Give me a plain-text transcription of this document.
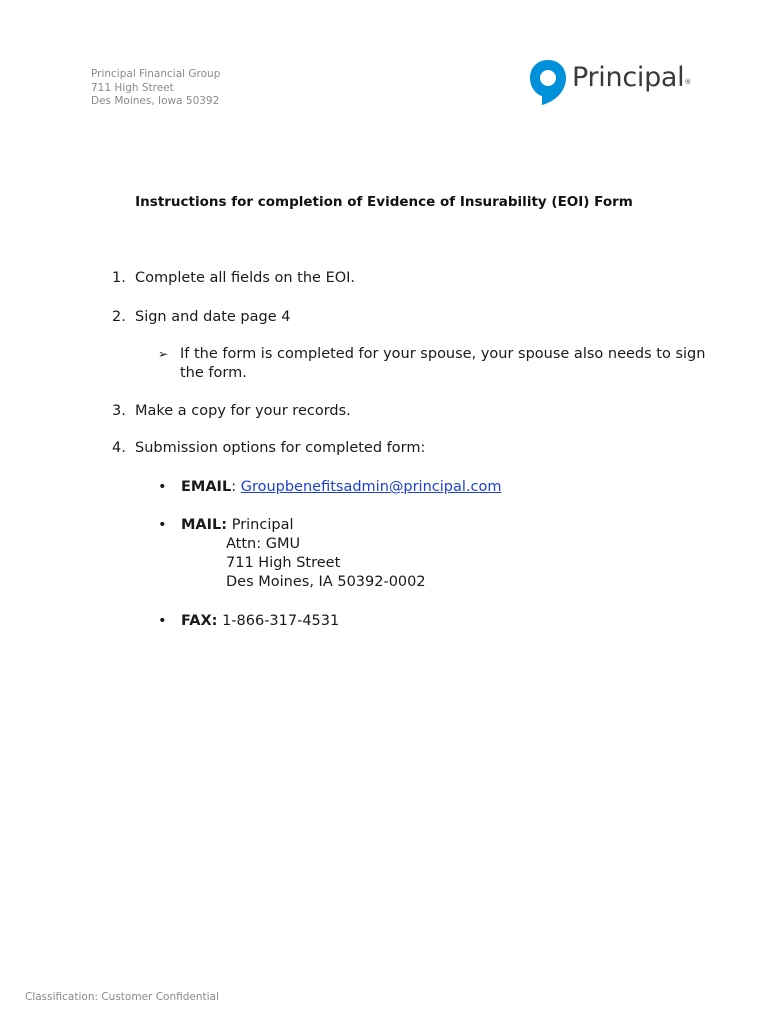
Principal Financial Group
711 High Street
Des Moines, Iowa 50392
Principal®
Instructions for completion of Evidence of Insurability (EOI) Form
1. Complete all fields on the EOI.
2. Sign and date page 4
➢ If the form is completed for your spouse, your spouse also needs to sign the form.
3. Make a copy for your records.
4. Submission options for completed form:
• EMAIL: Groupbenefitsadmin@principal.com
• MAIL: Principal
Attn: GMU
711 High Street
Des Moines, IA 50392-0002
• FAX: 1-866-317-4531
Classification: Customer Confidential
